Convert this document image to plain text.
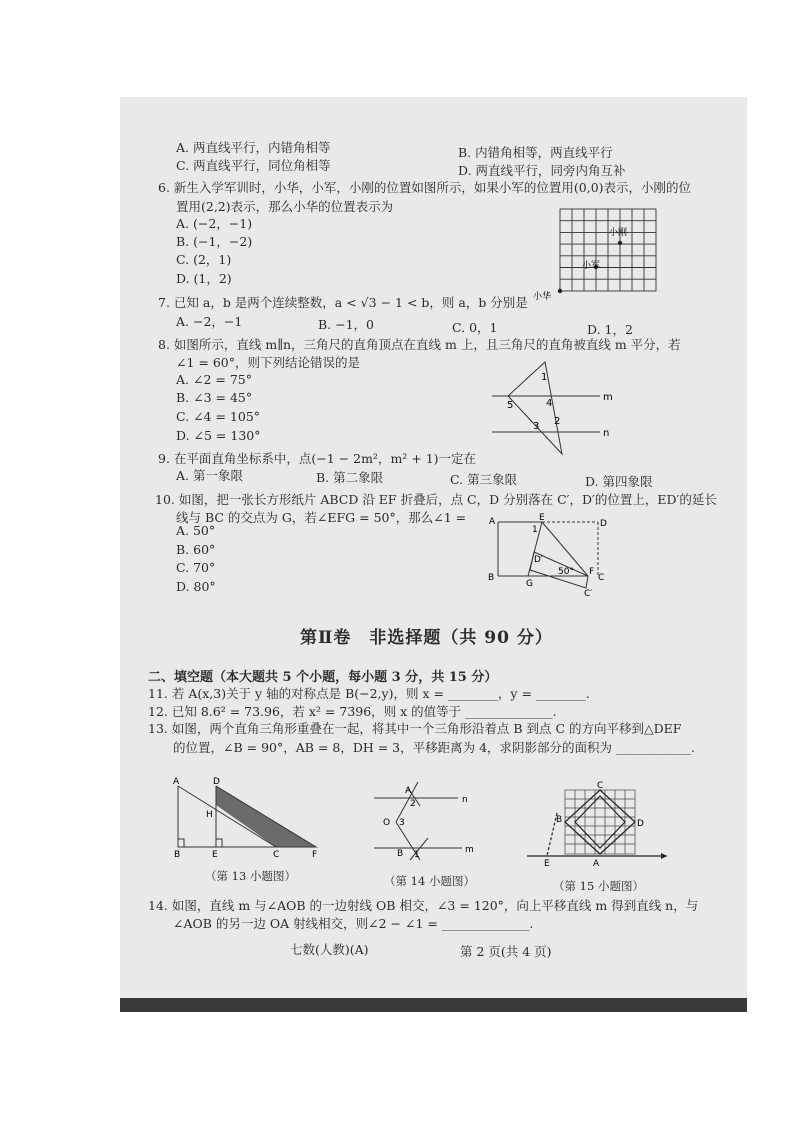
A. 两直线平行，内错角相等	B. 内错角相等，两直线平行
C. 两直线平行，同位角相等	D. 两直线平行，同旁内角互补
6. 新生入学军训时，小华，小军，小刚的位置如图所示，如果小军的位置用(0,0)表示，小刚的位
置用(2,2)表示，那么小华的位置表示为
A. (−2，−1)
B. (−1，−2)
C. (2，1)
D. (1，2)
小刚
小军
小华
7. 已知 a，b 是两个连续整数，a < √3 − 1 < b，则 a，b 分别是
A. −2，−1	B. −1，0	C. 0，1	D. 1，2
8. 如图所示，直线 m∥n，三角尺的直角顶点在直线 m 上，且三角尺的直角被直线 m 平分，若
∠1 = 60°，则下列结论错误的是
A. ∠2 = 75°
B. ∠3 = 45°
C. ∠4 = 105°
D. ∠5 = 130°
m
n
1
2
3
4
5
9. 在平面直角坐标系中，点(−1 − 2m²，m² + 1)一定在
A. 第一象限	B. 第二象限	C. 第三象限	D. 第四象限
10. 如图，把一张长方形纸片 ABCD 沿 EF 折叠后，点 C，D 分别落在 C′，D′的位置上，ED′的延长
线与 BC 的交点为 G，若∠EFG = 50°，那么∠1 =
A. 50°
B. 60°
C. 70°
D. 80°
A	E
D
1
D′
B
G
50° F
C
C′
第Ⅱ卷　非选择题（共 90 分）
二、填空题（本大题共 5 个小题，每小题 3 分，共 15 分）
11. 若 A(x,3)关于 y 轴的对称点是 B(−2,y)，则 x = ________，y = ________.
12. 已知 8.6² = 73.96，若 x² = 7396，则 x 的值等于 ______________.
13. 如图，两个直角三角形重叠在一起，将其中一个三角形沿着点 B 到点 C 的方向平移到△DEF
的位置，∠B = 90°，AB = 8，DH = 3，平移距离为 4，求阴影部分的面积为 ____________.
A	D
H
B	E	C	F
（第 13 小题图）
A
2	n
O 3
B 1	m
（第 14 小题图）
C
B	D
E	A
（第 15 小题图）
14. 如图，直线 m 与∠AOB 的一边射线 OB 相交，∠3 = 120°，向上平移直线 m 得到直线 n，与
∠AOB 的另一边 OA 射线相交，则∠2 − ∠1 = ______________.
七数(人教)(A)	第 2 页(共 4 页)
